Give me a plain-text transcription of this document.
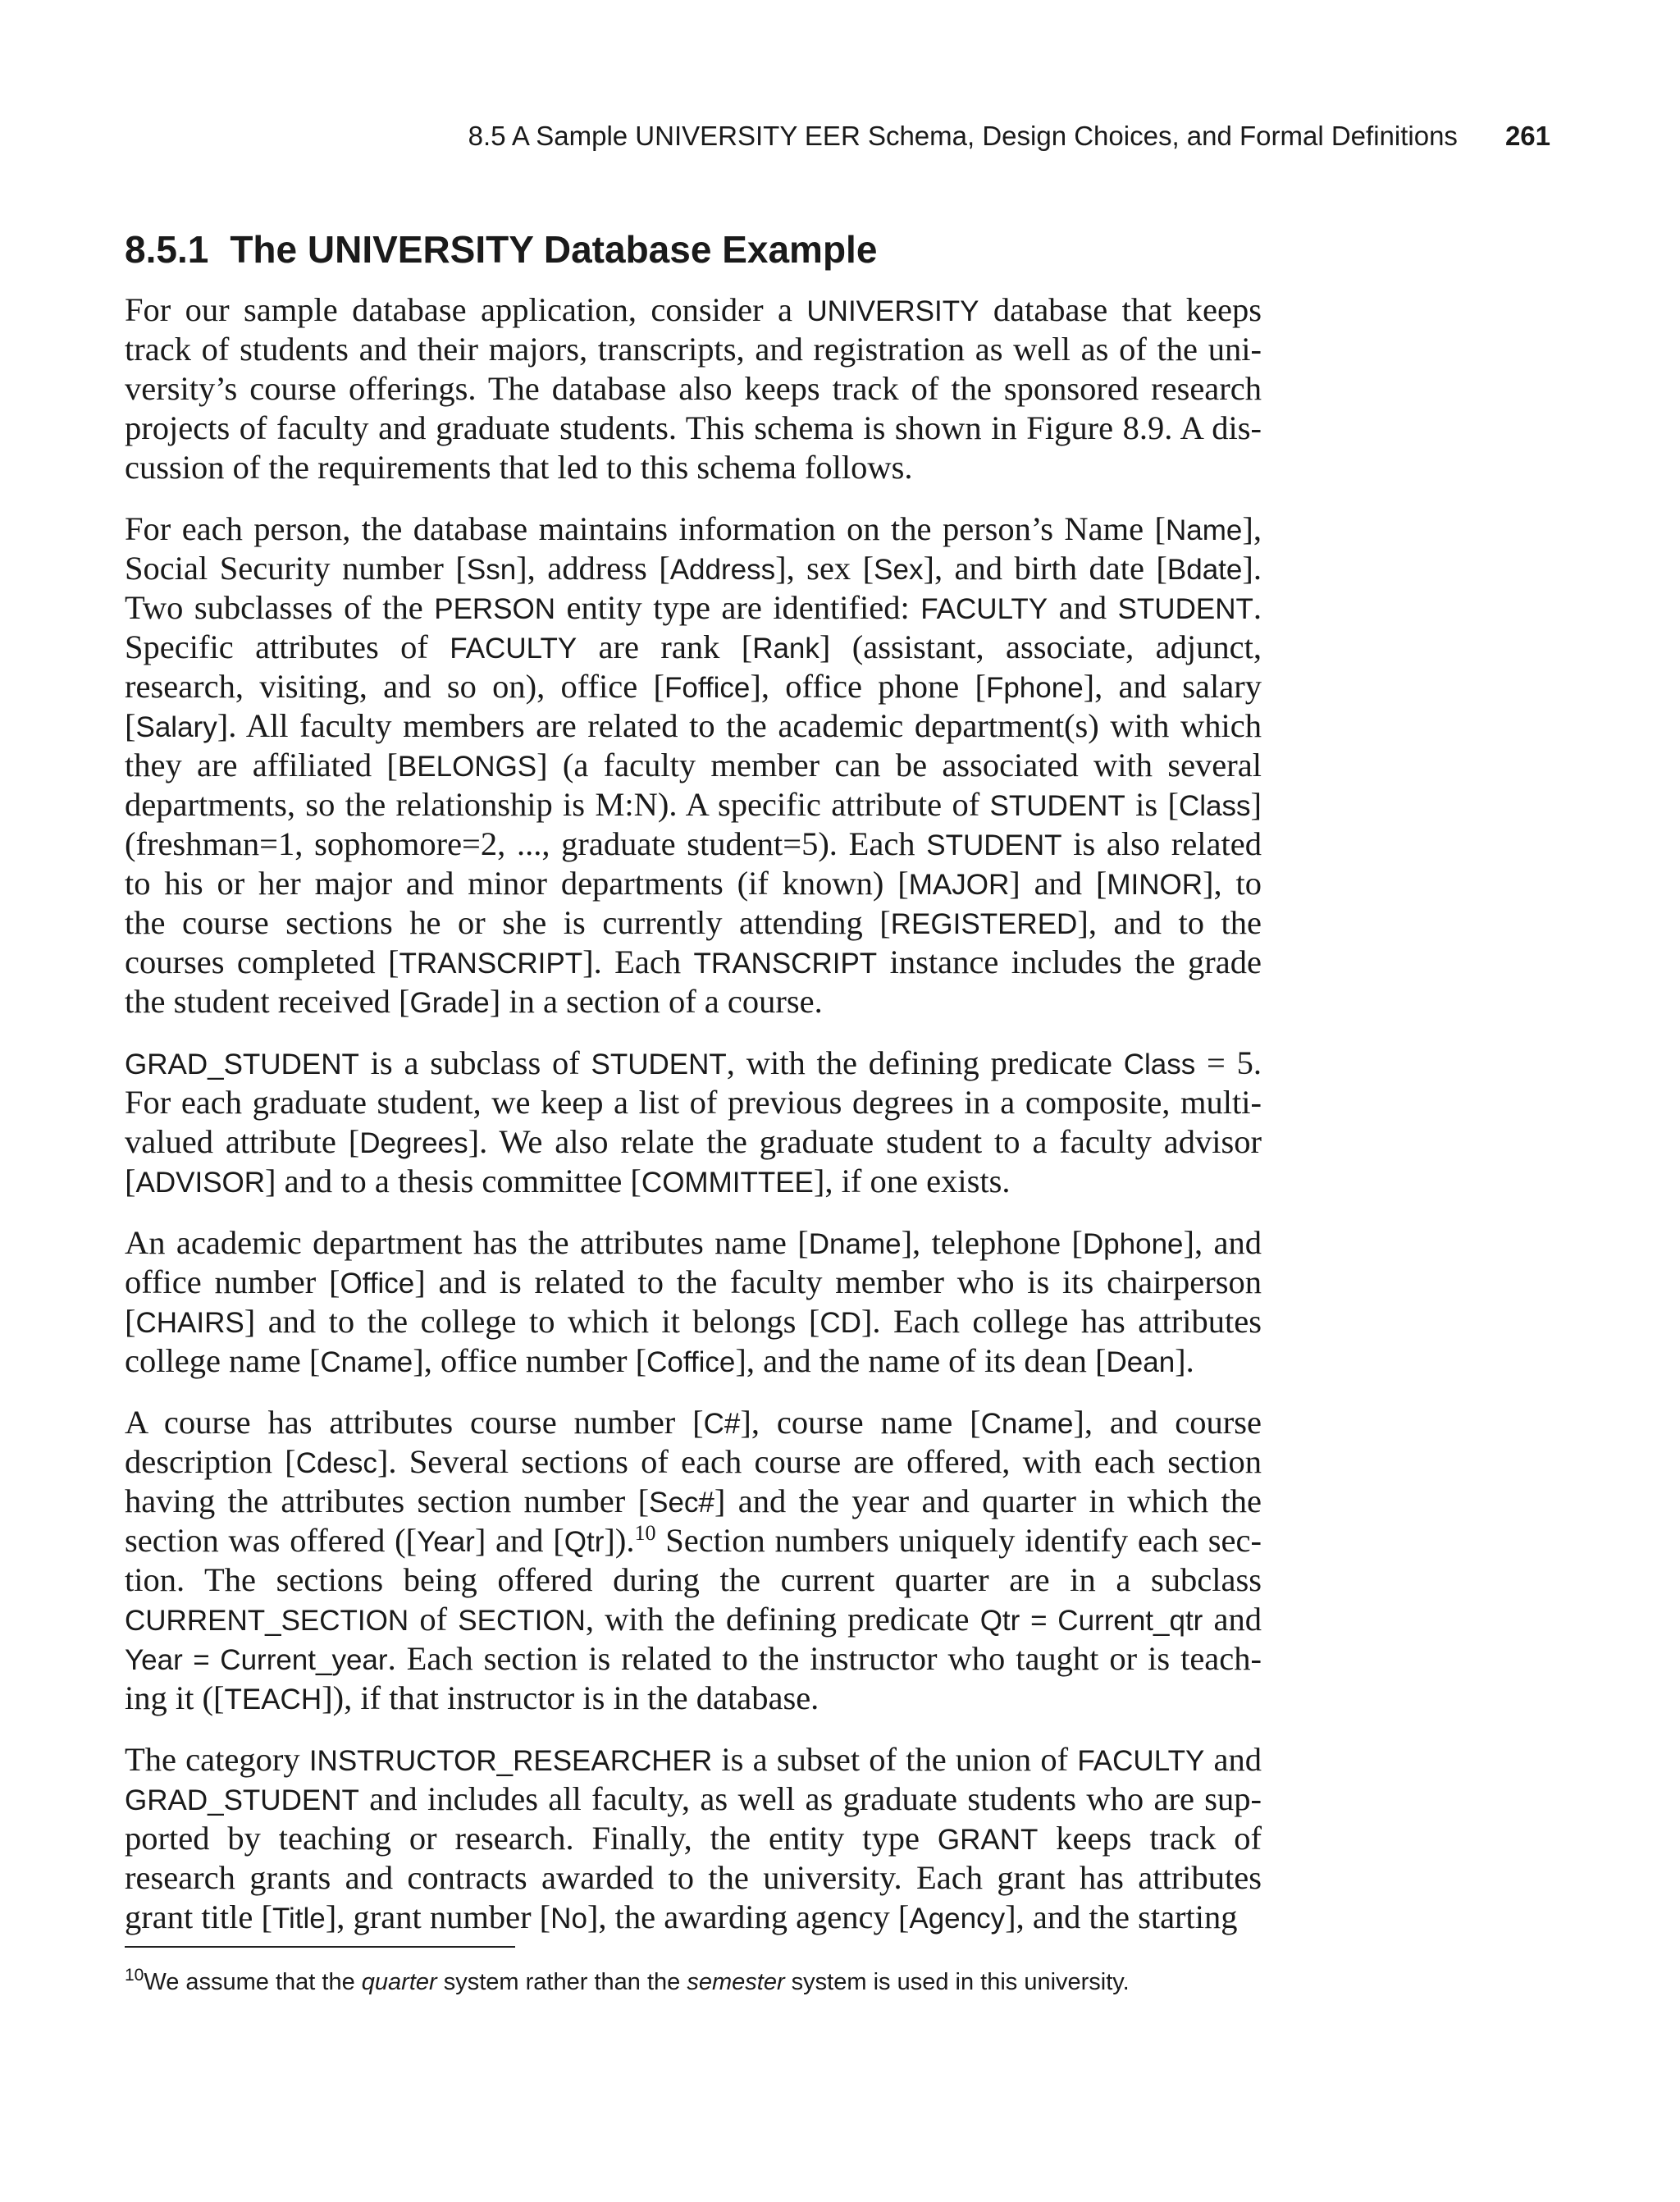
8.5 A Sample UNIVERSITY EER Schema, Design Choices, and Formal Definitions 261
8.5.1 The UNIVERSITY Database Example
For our sample database application, consider a UNIVERSITY database that keeps
track of students and their majors, transcripts, and registration as well as of the uni-
versity’s course offerings. The database also keeps track of the sponsored research
projects of faculty and graduate students. This schema is shown in Figure 8.9. A dis-
cussion of the requirements that led to this schema follows.
For each person, the database maintains information on the person’s Name [Name],
Social Security number [Ssn], address [Address], sex [Sex], and birth date [Bdate].
Two subclasses of the PERSON entity type are identified: FACULTY and STUDENT.
Specific attributes of FACULTY are rank [Rank] (assistant, associate, adjunct,
research, visiting, and so on), office [Foffice], office phone [Fphone], and salary
[Salary]. All faculty members are related to the academic department(s) with which
they are affiliated [BELONGS] (a faculty member can be associated with several
departments, so the relationship is M:N). A specific attribute of STUDENT is [Class]
(freshman=1, sophomore=2, ..., graduate student=5). Each STUDENT is also related
to his or her major and minor departments (if known) [MAJOR] and [MINOR], to
the course sections he or she is currently attending [REGISTERED], and to the
courses completed [TRANSCRIPT]. Each TRANSCRIPT instance includes the grade
the student received [Grade] in a section of a course.
GRAD_STUDENT is a subclass of STUDENT, with the defining predicate Class = 5.
For each graduate student, we keep a list of previous degrees in a composite, multi-
valued attribute [Degrees]. We also relate the graduate student to a faculty advisor
[ADVISOR] and to a thesis committee [COMMITTEE], if one exists.
An academic department has the attributes name [Dname], telephone [Dphone], and
office number [Office] and is related to the faculty member who is its chairperson
[CHAIRS] and to the college to which it belongs [CD]. Each college has attributes
college name [Cname], office number [Coffice], and the name of its dean [Dean].
A course has attributes course number [C#], course name [Cname], and course
description [Cdesc]. Several sections of each course are offered, with each section
having the attributes section number [Sec#] and the year and quarter in which the
section was offered ([Year] and [Qtr]).$^{10}$ Section numbers uniquely identify each sec-
tion. The sections being offered during the current quarter are in a subclass
CURRENT_SECTION of SECTION, with the defining predicate Qtr = Current_qtr and
Year = Current_year. Each section is related to the instructor who taught or is teach-
ing it ([TEACH]), if that instructor is in the database.
The category INSTRUCTOR_RESEARCHER is a subset of the union of FACULTY and
GRAD_STUDENT and includes all faculty, as well as graduate students who are sup-
ported by teaching or research. Finally, the entity type GRANT keeps track of
research grants and contracts awarded to the university. Each grant has attributes
grant title [Title], grant number [No], the awarding agency [Agency], and the starting
$^{10}$We assume that the quarter system rather than the semester system is used in this university.
